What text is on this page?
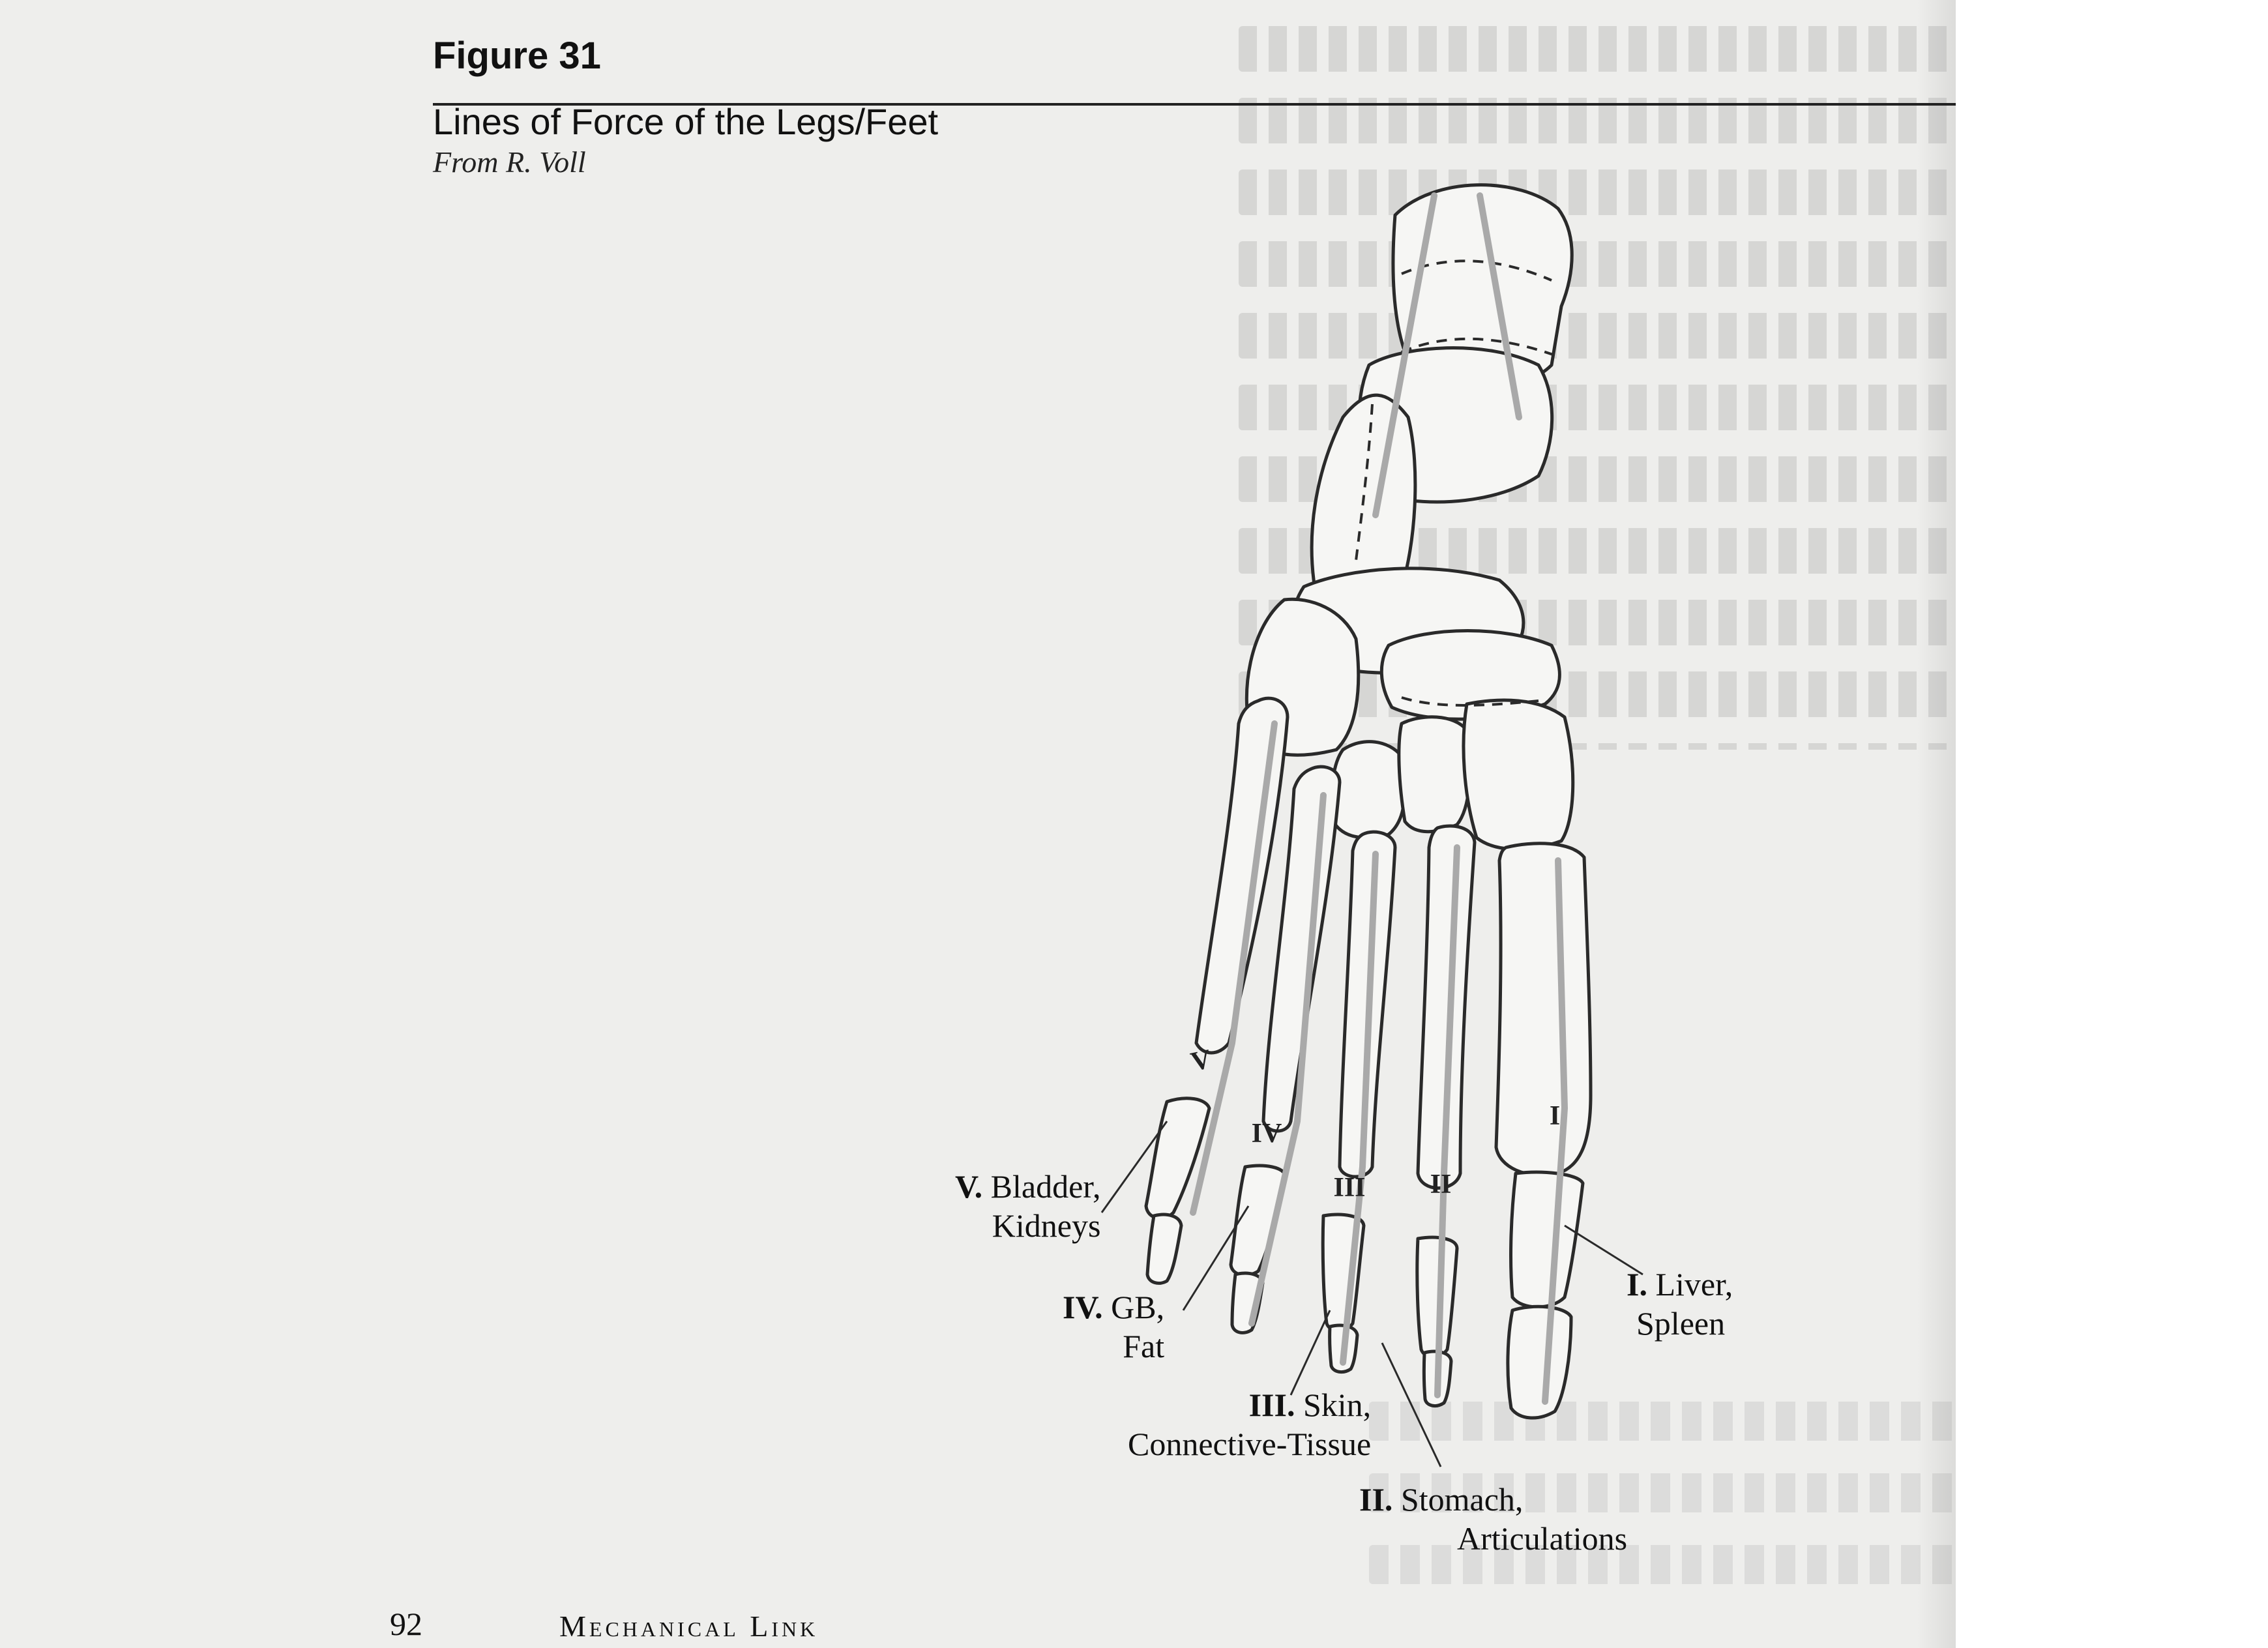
Figure 31
Lines of Force of the Legs/Feet
From R. Voll
V
IV
III II
I
V. Bladder,
Kidneys
IV. GB,
Fat
III. Skin,
Connective-Tissue
II. Stomach,
Articulations
I. Liver,
Spleen
92	Mechanical Link
